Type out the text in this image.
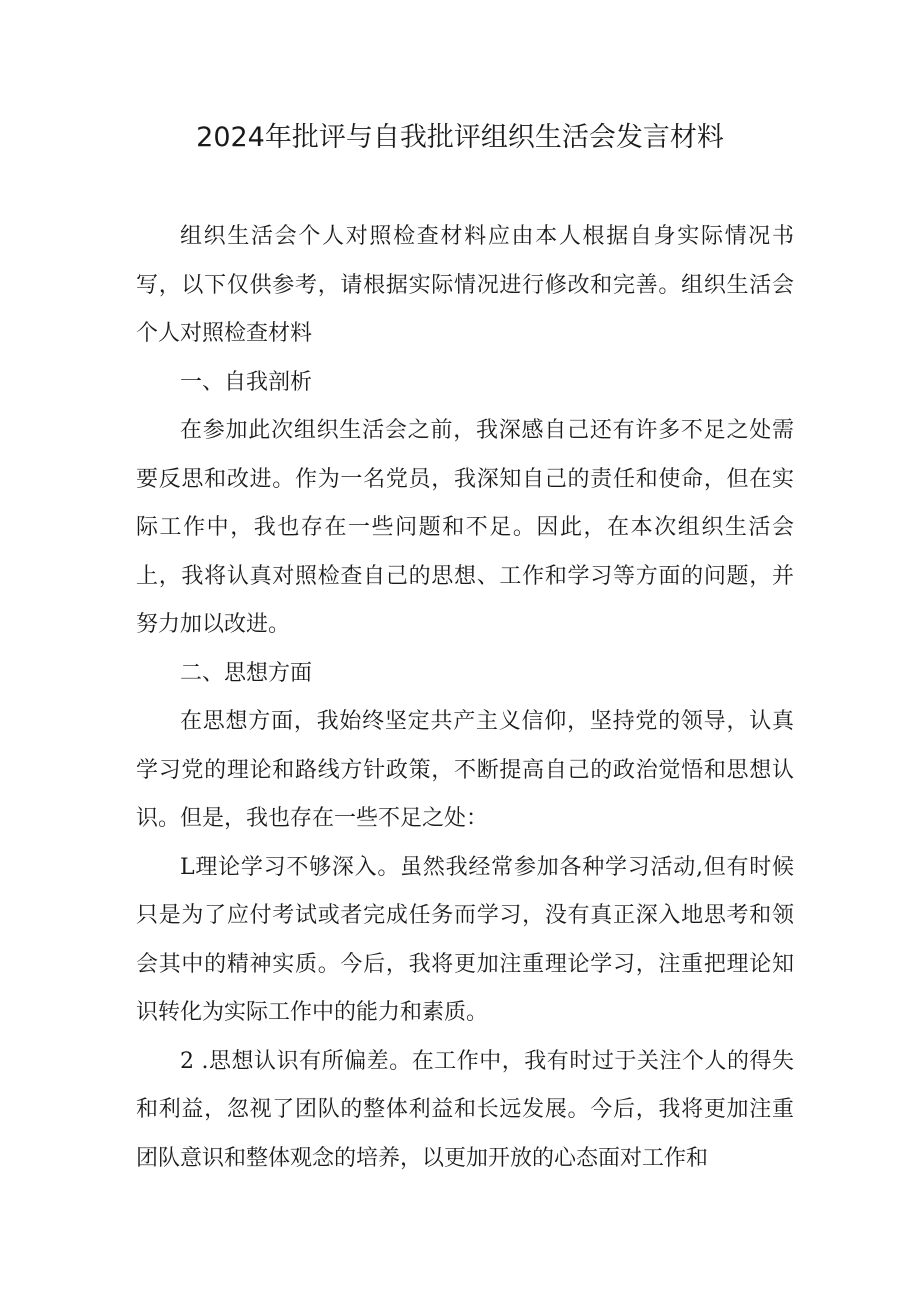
2024年批评与自我批评组织生活会发言材料

组织生活会个人对照检查材料应由本人根据自身实际情况书写，以下仅供参考，请根据实际情况进行修改和完善。组织生活会个人对照检查材料

一、自我剖析

在参加此次组织生活会之前，我深感自己还有许多不足之处需要反思和改进。作为一名党员，我深知自己的责任和使命，但在实际工作中，我也存在一些问题和不足。因此，在本次组织生活会上，我将认真对照检查自己的思想、工作和学习等方面的问题，并努力加以改进。

二、思想方面

在思想方面，我始终坚定共产主义信仰，坚持党的领导，认真学习党的理论和路线方针政策，不断提高自己的政治觉悟和思想认识。但是，我也存在一些不足之处：

L理论学习不够深入。虽然我经常参加各种学习活动,但有时候只是为了应付考试或者完成任务而学习，没有真正深入地思考和领会其中的精神实质。今后，我将更加注重理论学习，注重把理论知识转化为实际工作中的能力和素质。

2 .思想认识有所偏差。在工作中，我有时过于关注个人的得失和利益，忽视了团队的整体利益和长远发展。今后，我将更加注重团队意识和整体观念的培养，以更加开放的心态面对工作和
